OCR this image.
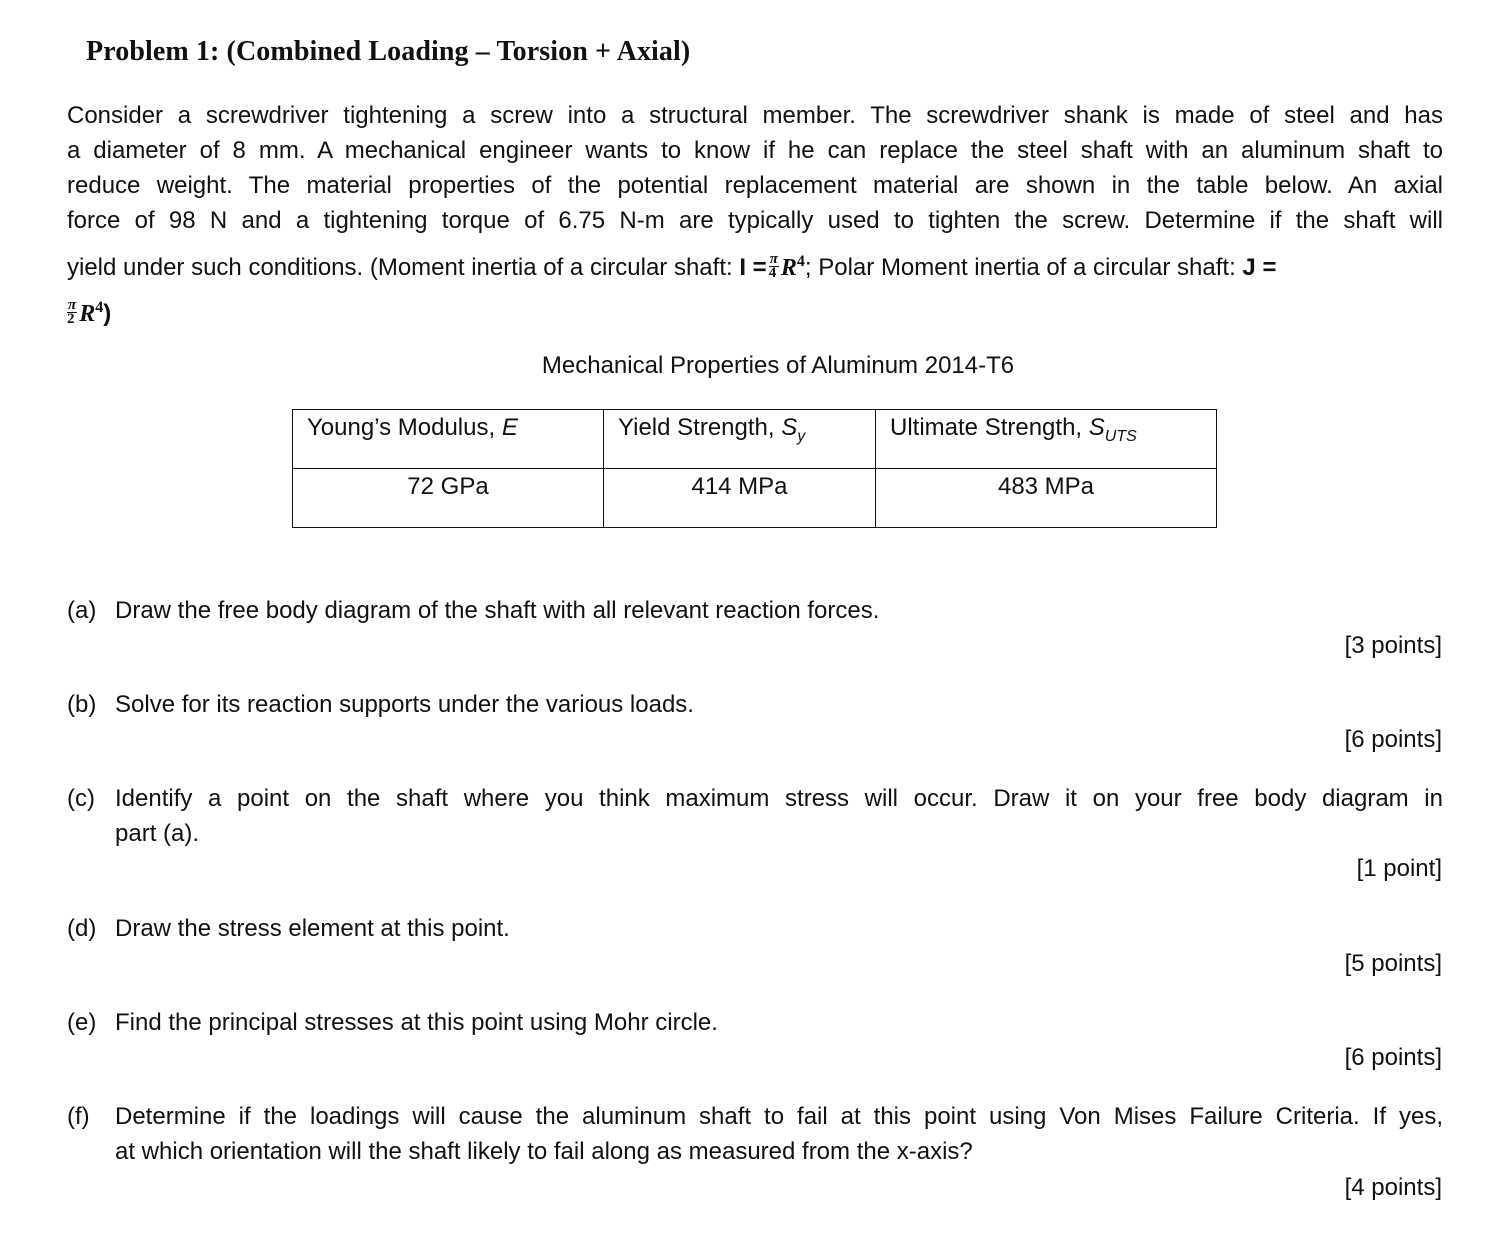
Problem 1: (Combined Loading – Torsion + Axial)

Consider a screwdriver tightening a screw into a structural member. The screwdriver shank is made of steel and has

a diameter of 8 mm. A mechanical engineer wants to know if he can replace the steel shaft with an aluminum shaft to

reduce weight. The material properties of the potential replacement material are shown in the table below. An axial

force of 98 N and a tightening torque of 6.75 N-m are typically used to tighten the screw. Determine if the shaft will

yield under such conditions. (Moment inertia of a circular shaft: $I = \frac{\pi}{4} R^4$; Polar Moment inertia of a circular shaft: J =

$\frac{\pi}{2} R^4$)

Mechanical Properties of Aluminum 2014-T6
Young’s Modulus, E	Yield Strength, $S_y$	Ultimate Strength, $S_{UTS}$
72 GPa	414 MPa	483 MPa
(a) Draw the free body diagram of the shaft with all relevant reaction forces.
[3 points]
(b) Solve for its reaction supports under the various loads.
[6 points]
(c) Identify a point on the shaft where you think maximum stress will occur. Draw it on your free body diagram in
part (a).
[1 point]
(d) Draw the stress element at this point.
[5 points]
(e) Find the principal stresses at this point using Mohr circle.
[6 points]
(f) Determine if the loadings will cause the aluminum shaft to fail at this point using Von Mises Failure Criteria. If yes,
at which orientation will the shaft likely to fail along as measured from the x-axis?
[4 points]
